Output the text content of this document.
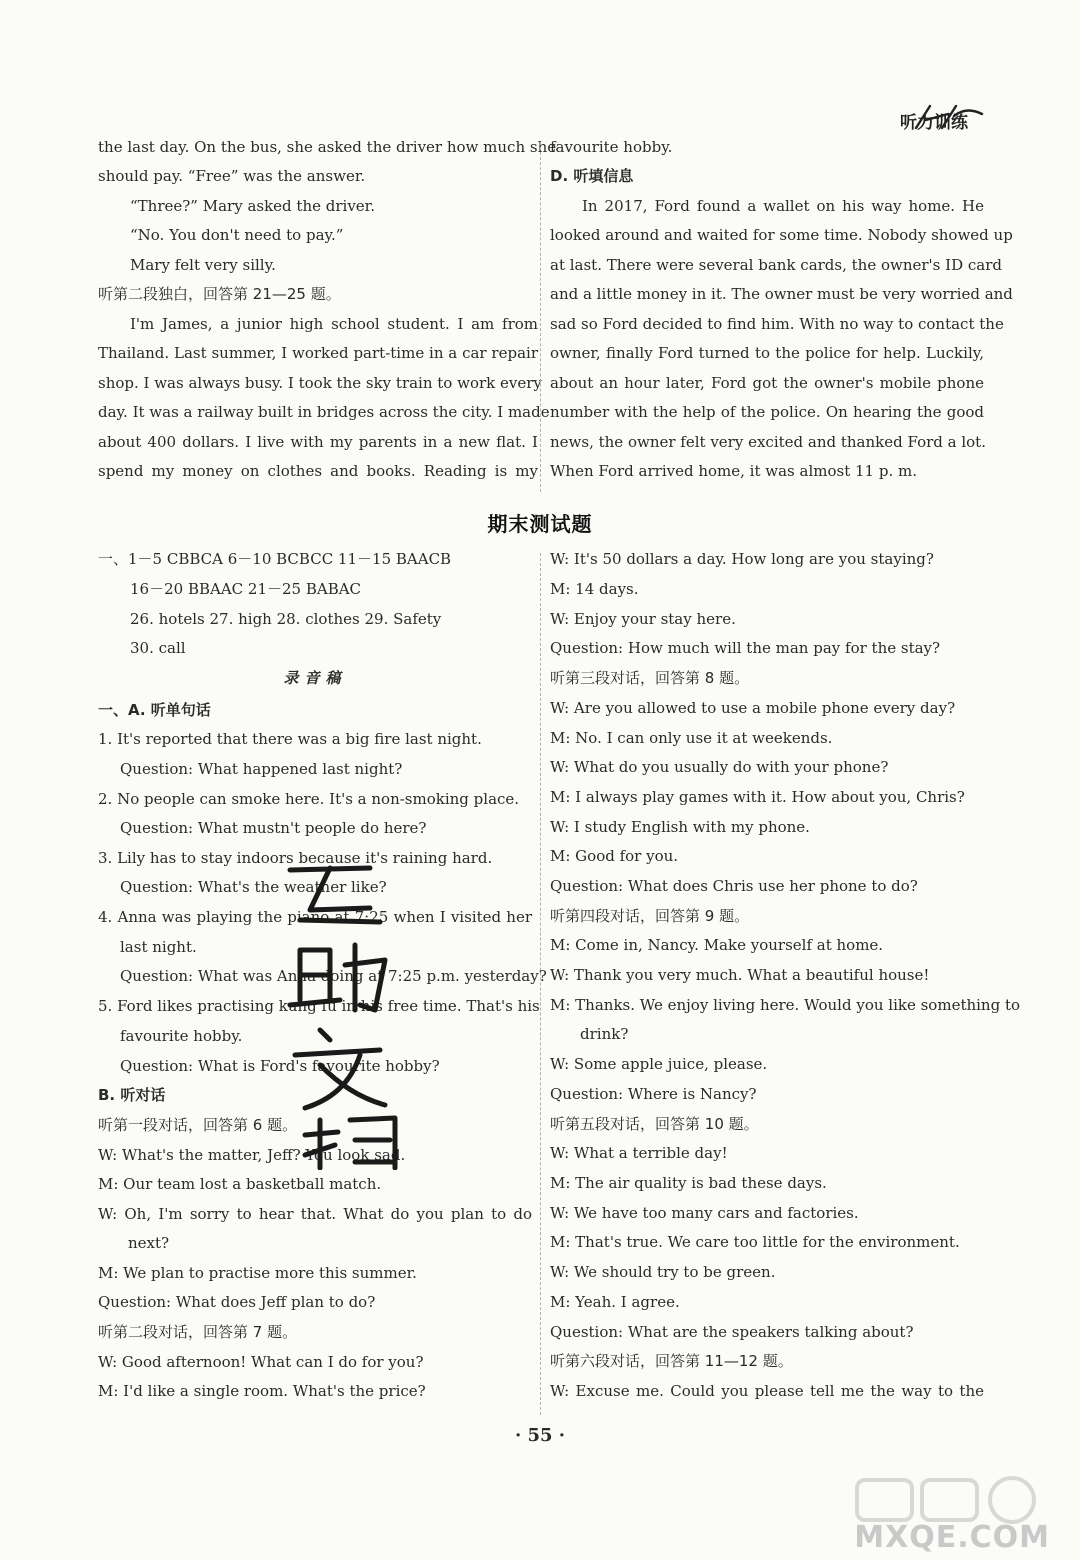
听力训练
the last day. On the bus, she asked the driver how much she
should pay. “Free” was the answer.
“Three?” Mary asked the driver.
“No. You don't need to pay.”
Mary felt very silly.
听第二段独白，回答第 21—25 题。
I'm James, a junior high school student. I am from
Thailand. Last summer, I worked part-time in a car repair
shop. I was always busy. I took the sky train to work every
day. It was a railway built in bridges across the city. I made
about 400 dollars. I live with my parents in a new flat. I
spend my money on clothes and books. Reading is my
favourite hobby.
D. 听填信息
In 2017, Ford found a wallet on his way home. He
looked around and waited for some time. Nobody showed up
at last. There were several bank cards, the owner's ID card
and a little money in it. The owner must be very worried and
sad so Ford decided to find him. With no way to contact the
owner, finally Ford turned to the police for help. Luckily,
about an hour later, Ford got the owner's mobile phone
number with the help of the police. On hearing the good
news, the owner felt very excited and thanked Ford a lot.
When Ford arrived home, it was almost 11 p. m.
期末测试题
一、1－5 CBBCA 6－10 BCBCC 11－15 BAACB
16－20 BBAAC 21－25 BABAC
26. hotels 27. high 28. clothes 29. Safety
30. call
录音稿
一、A. 听单句话
1. It's reported that there was a big fire last night.
Question: What happened last night?
2. No people can smoke here. It's a non-smoking place.
Question: What mustn't people do here?
3. Lily has to stay indoors because it's raining hard.
Question: What's the weather like?
4. Anna was playing the piano at 7:25 when I visited her
last night.
Question: What was Anna doing at 7:25 p.m. yesterday?
5. Ford likes practising kung fu in his free time. That's his
favourite hobby.
Question: What is Ford's favourite hobby?
B. 听对话
听第一段对话，回答第 6 题。
W: What's the matter, Jeff? You look sad.
M: Our team lost a basketball match.
W: Oh, I'm sorry to hear that. What do you plan to do
next?
M: We plan to practise more this summer.
Question: What does Jeff plan to do?
听第二段对话，回答第 7 题。
W: Good afternoon! What can I do for you?
M: I'd like a single room. What's the price?
W: It's 50 dollars a day. How long are you staying?
M: 14 days.
W: Enjoy your stay here.
Question: How much will the man pay for the stay?
听第三段对话，回答第 8 题。
W: Are you allowed to use a mobile phone every day?
M: No. I can only use it at weekends.
W: What do you usually do with your phone?
M: I always play games with it. How about you, Chris?
W: I study English with my phone.
M: Good for you.
Question: What does Chris use her phone to do?
听第四段对话，回答第 9 题。
M: Come in, Nancy. Make yourself at home.
W: Thank you very much. What a beautiful house!
M: Thanks. We enjoy living here. Would you like something to
drink?
W: Some apple juice, please.
Question: Where is Nancy?
听第五段对话，回答第 10 题。
W: What a terrible day!
M: The air quality is bad these days.
W: We have too many cars and factories.
M: That's true. We care too little for the environment.
W: We should try to be green.
M: Yeah. I agree.
Question: What are the speakers talking about?
听第六段对话，回答第 11—12 题。
W: Excuse me. Could you please tell me the way to the
· 55 ·
MXQE.COM
